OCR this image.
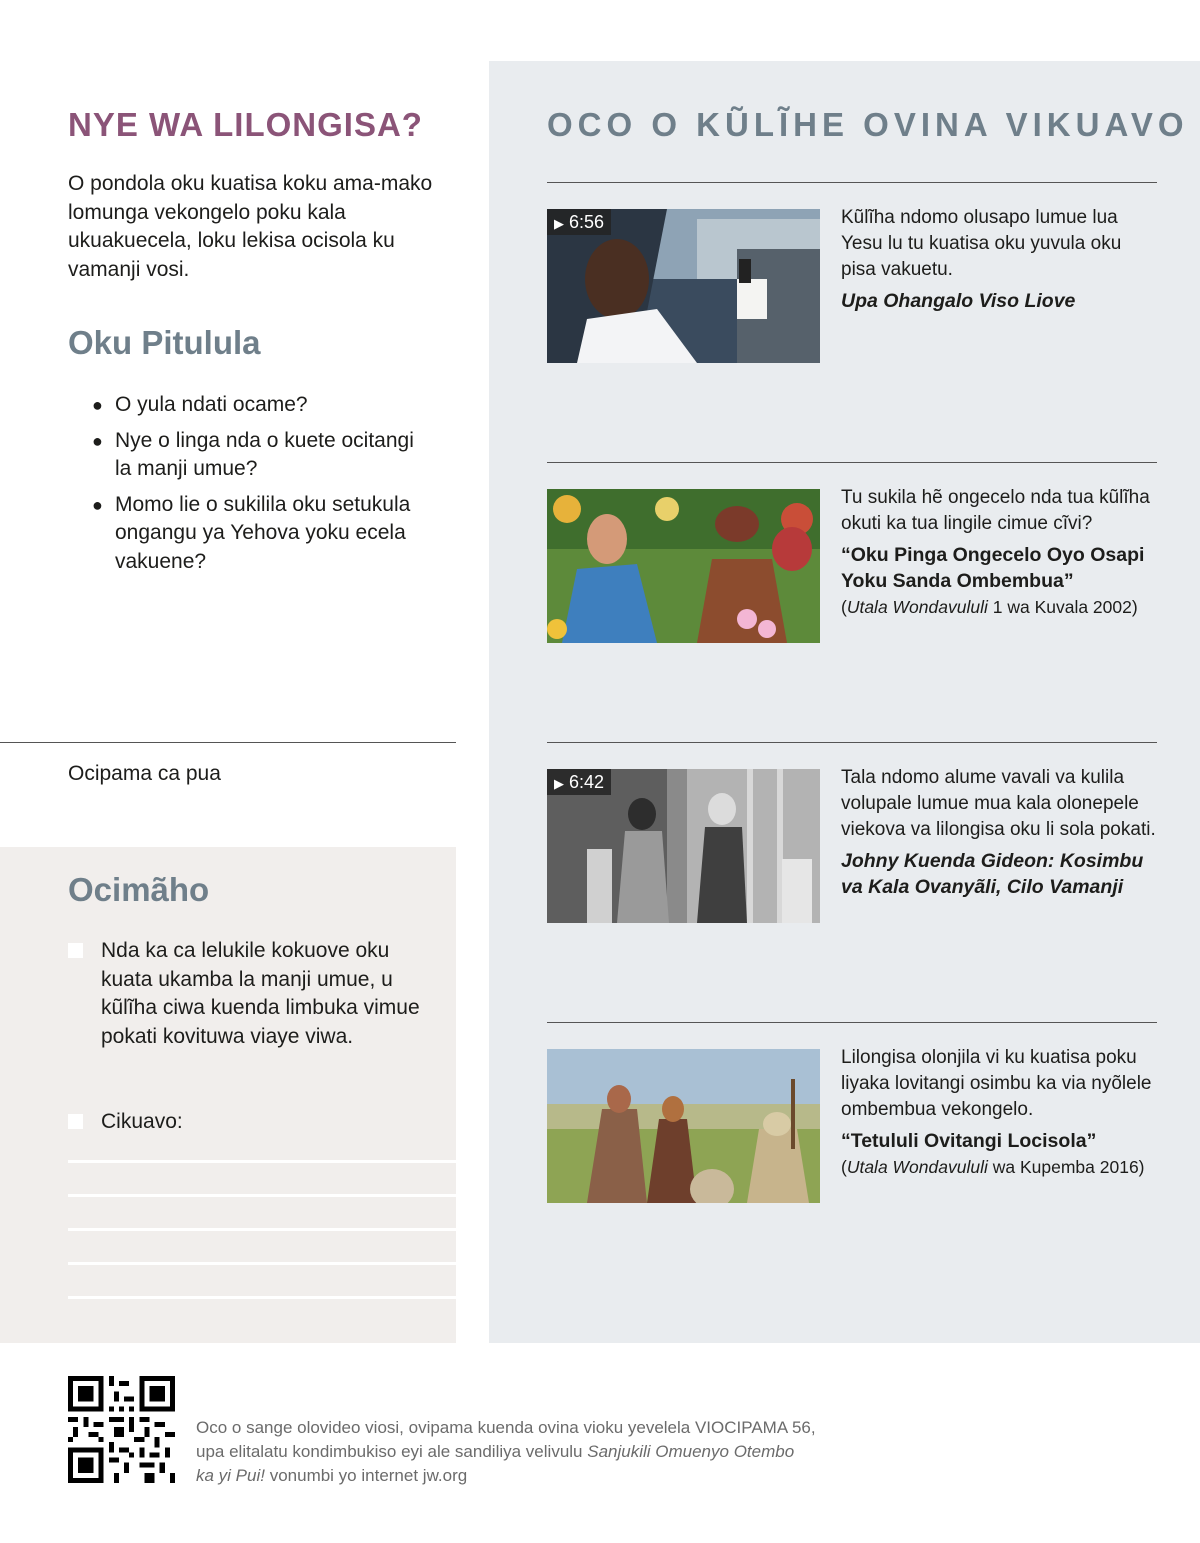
NYE WA LILONGISA?

O pondola oku kuatisa koku ama-mako lomunga vekongelo poku kala ukuakuecela, loku lekisa ocisola ku vamanji vosi.

Oku Pitulula
● O yula ndati ocame?
● Nye o linga nda o kuete ocitangi la manji umue?
● Momo lie o sukilila oku setukula ongangu ya Yehova yoku ecela vakuene?
Ocipama ca pua
Ocimãho
Nda ka ca lelukile kokuove oku kuata ukamba la manji umue, u kũlĩha ciwa kuenda limbuka vimue pokati kovituwa viaye viwa.
Cikuavo:
OCO O KŨLĨHE OVINA VIKUAVO
▶ 6:56	Kũlĩha ndomo olusapo lumue lua Yesu lu tu kuatisa oku yuvula oku pisa vakuetu.
Upa Ohangalo Viso Liove
Tu sukila hẽ ongecelo nda tua kũlĩha okuti ka tua lingile cimue cĩvi?
“Oku Pinga Ongecelo Oyo Osapi Yoku Sanda Ombembua”
(Utala Wondavululi 1 wa Kuvala 2002)
▶ 6:42	Tala ndomo alume vavali va kulila volupale lumue mua kala olonepele viekova va lilongisa oku li sola pokati.
Johny Kuenda Gideon: Kosimbu va Kala Ovanyãli, Cilo Vamanji
Lilongisa olonjila vi ku kuatisa poku liyaka lovitangi osimbu ka via nyõlele ombembua vekongelo.
“Tetululi Ovitangi Locisola”
(Utala Wondavululi wa Kupemba 2016)

Oco o sange olovideo viosi, ovipama kuenda ovina vioku yevelela VIOCIPAMA 56, upa elitalatu kondimbukiso eyi ale sandiliya velivulu Sanjukili Omuenyo Otembo ka yi Pui! vonumbi yo internet jw.org
